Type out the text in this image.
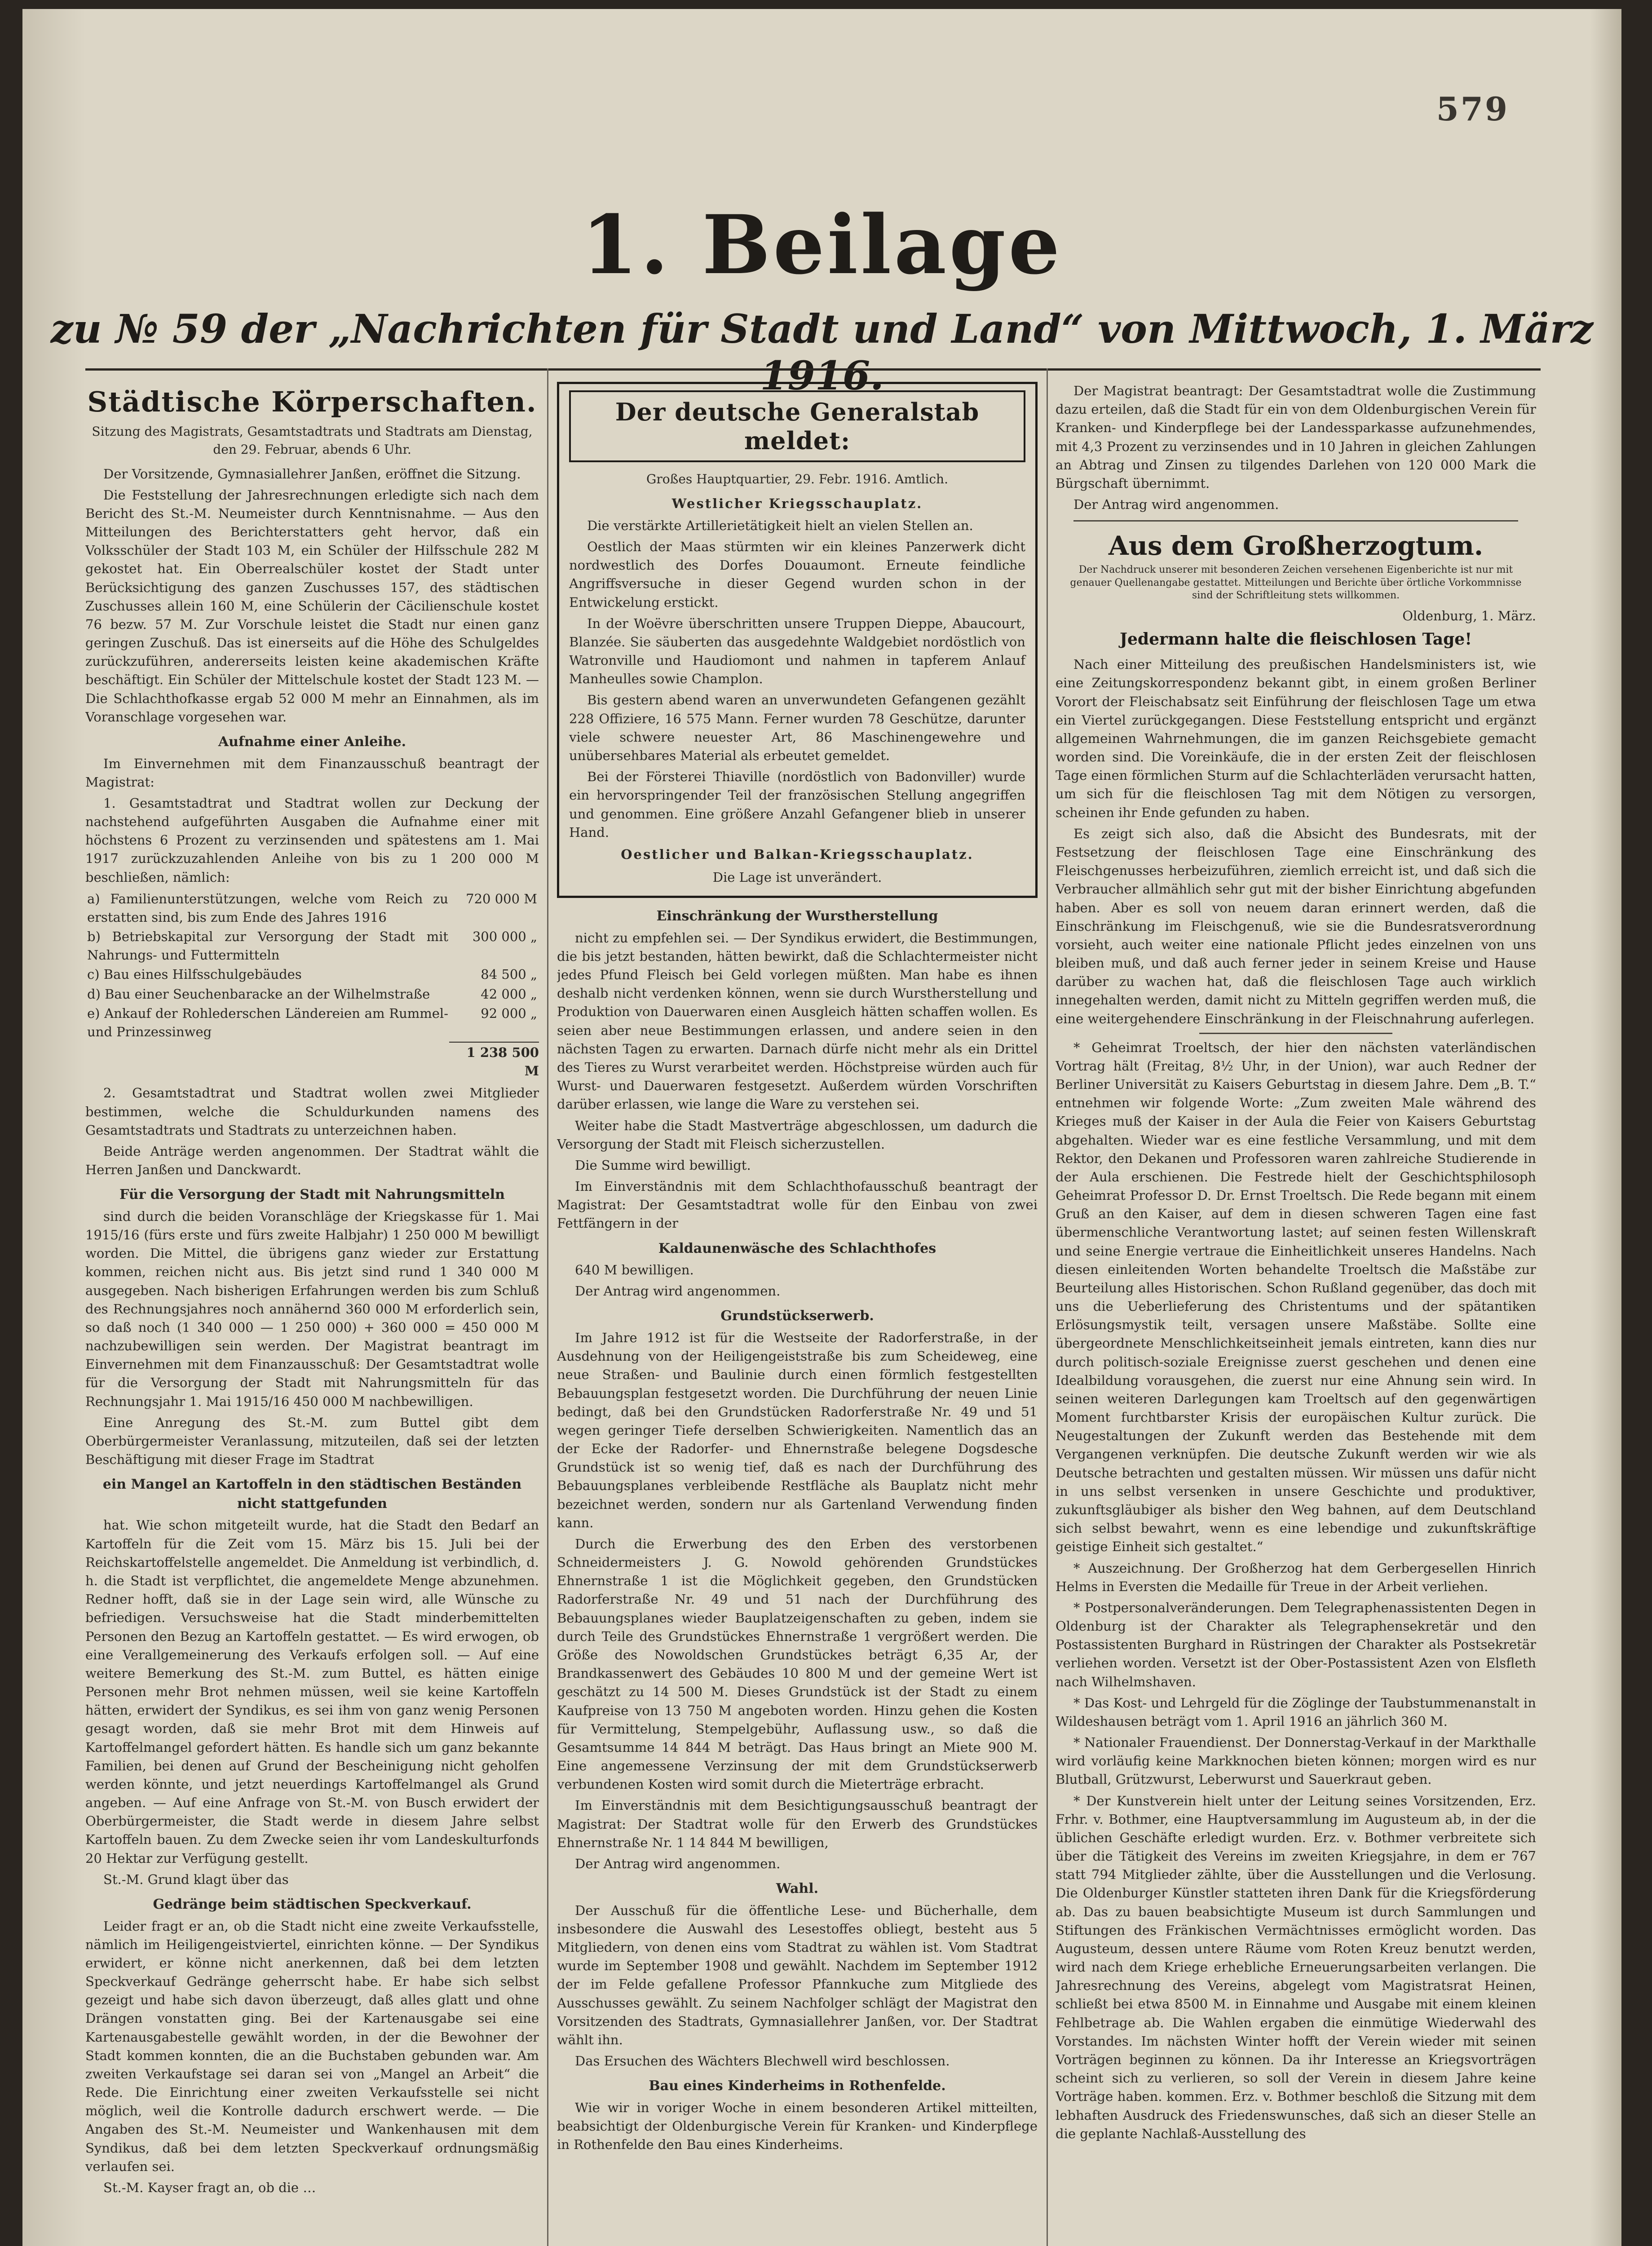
579
1. Beilage
zu № 59 der „Nachrichten für Stadt und Land“ von Mittwoch, 1. März 1916.
Städtische Körperschaften.
Sitzung des Magistrats, Gesamtstadtrats und Stadtrats am Dienstag, den 29. Februar, abends 6 Uhr.

Der Vorsitzende, Gymnasiallehrer Janßen, eröffnet die Sitzung.

Die Feststellung der Jahresrechnungen erledigte sich nach dem Bericht des St.-M. Neumeister durch Kenntnisnahme. — Aus den Mitteilungen des Berichterstatters geht hervor, daß ein Volksschüler der Stadt 103 M, ein Schüler der Hilfsschule 282 M gekostet hat. Ein Oberrealschüler kostet der Stadt unter Berücksichtigung des ganzen Zuschusses 157, des städtischen Zuschusses allein 160 M, eine Schülerin der Cäcilienschule kostet 76 bezw. 57 M. Zur Vorschule leistet die Stadt nur einen ganz geringen Zuschuß. Das ist einerseits auf die Höhe des Schulgeldes zurückzuführen, andererseits leisten keine akademischen Kräfte beschäftigt. Ein Schüler der Mittelschule kostet der Stadt 123 M. — Die Schlachthofkasse ergab 52 000 M mehr an Einnahmen, als im Voranschlage vorgesehen war.

Aufnahme einer Anleihe.

Im Einvernehmen mit dem Finanzausschuß beantragt der Magistrat:

1. Gesamtstadtrat und Stadtrat wollen zur Deckung der nachstehend aufgeführten Ausgaben die Aufnahme einer mit höchstens 6 Prozent zu verzinsenden und spätestens am 1. Mai 1917 zurückzuzahlenden Anleihe von bis zu 1 200 000 M beschließen, nämlich:

a) Familienunterstützungen, welche vom Reich zu erstatten sind, bis zum Ende des Jahres 1916	720 000 M
b) Betriebskapital zur Versorgung der Stadt mit Nahrungs- und Futtermitteln	300 000 „
c) Bau eines Hilfsschulgebäudes	84 500 „
d) Bau einer Seuchenbaracke an der Wilhelmstraße	42 000 „
e) Ankauf der Rohlederschen Ländereien am Rummel- und Prinzessinweg	92 000 „
1 238 500 M

2. Gesamtstadtrat und Stadtrat wollen zwei Mitglieder bestimmen, welche die Schuldurkunden namens des Gesamtstadtrats und Stadtrats zu unterzeichnen haben.

Beide Anträge werden angenommen. Der Stadtrat wählt die Herren Janßen und Danckwardt.

Für die Versorgung der Stadt mit Nahrungsmitteln

sind durch die beiden Voranschläge der Kriegskasse für 1. Mai 1915/16 (fürs erste und fürs zweite Halbjahr) 1 250 000 M bewilligt worden. Die Mittel, die übrigens ganz wieder zur Erstattung kommen, reichen nicht aus. Bis jetzt sind rund 1 340 000 M ausgegeben. Nach bisherigen Erfahrungen werden bis zum Schluß des Rechnungsjahres noch annähernd 360 000 M erforderlich sein, so daß noch (1 340 000 — 1 250 000) + 360 000 = 450 000 M nachzubewilligen sein werden. Der Magistrat beantragt im Einvernehmen mit dem Finanzausschuß: Der Gesamtstadtrat wolle für die Versorgung der Stadt mit Nahrungsmitteln für das Rechnungsjahr 1. Mai 1915/16 450 000 M nachbewilligen.

Eine Anregung des St.-M. zum Buttel gibt dem Oberbürgermeister Veranlassung, mitzuteilen, daß sei der letzten Beschäftigung mit dieser Frage im Stadtrat

ein Mangel an Kartoffeln in den städtischen Beständen nicht stattgefunden

hat. Wie schon mitgeteilt wurde, hat die Stadt den Bedarf an Kartoffeln für die Zeit vom 15. März bis 15. Juli bei der Reichskartoffelstelle angemeldet. Die Anmeldung ist verbindlich, d. h. die Stadt ist verpflichtet, die angemeldete Menge abzunehmen. Redner hofft, daß sie in der Lage sein wird, alle Wünsche zu befriedigen. Versuchsweise hat die Stadt minderbemittelten Personen den Bezug an Kartoffeln gestattet. — Es wird erwogen, ob eine Verallgemeinerung des Verkaufs erfolgen soll. — Auf eine weitere Bemerkung des St.-M. zum Buttel, es hätten einige Personen mehr Brot nehmen müssen, weil sie keine Kartoffeln hätten, erwidert der Syndikus, es sei ihm von ganz wenig Personen gesagt worden, daß sie mehr Brot mit dem Hinweis auf Kartoffelmangel gefordert hätten. Es handle sich um ganz bekannte Familien, bei denen auf Grund der Bescheinigung nicht geholfen werden könnte, und jetzt neuerdings Kartoffelmangel als Grund angeben. — Auf eine Anfrage von St.-M. von Busch erwidert der Oberbürgermeister, die Stadt werde in diesem Jahre selbst Kartoffeln bauen. Zu dem Zwecke seien ihr vom Landeskulturfonds 20 Hektar zur Verfügung gestellt.

St.-M. Grund klagt über das

Gedränge beim städtischen Speckverkauf.

Leider fragt er an, ob die Stadt nicht eine zweite Verkaufsstelle, nämlich im Heiligengeistviertel, einrichten könne. — Der Syndikus erwidert, er könne nicht anerkennen, daß bei dem letzten Speckverkauf Gedränge geherrscht habe. Er habe sich selbst gezeigt und habe sich davon überzeugt, daß alles glatt und ohne Drängen vonstatten ging. Bei der Kartenausgabe sei eine Kartenausgabestelle gewählt worden, in der die Bewohner der Stadt kommen konnten, die an die Buchstaben gebunden war. Am zweiten Verkaufstage sei daran sei von „Mangel an Arbeit“ die Rede. Die Einrichtung einer zweiten Verkaufsstelle sei nicht möglich, weil die Kontrolle dadurch erschwert werde. — Die Angaben des St.-M. Neumeister und Wankenhausen mit dem Syndikus, daß bei dem letzten Speckverkauf ordnungsmäßig verlaufen sei.

St.-M. Kayser fragt an, ob die …

Der deutsche Generalstab meldet:
Großes Hauptquartier, 29. Febr. 1916. Amtlich.
Westlicher Kriegsschauplatz.

Die verstärkte Artillerietätigkeit hielt an vielen Stellen an.

Oestlich der Maas stürmten wir ein kleines Panzerwerk dicht nordwestlich des Dorfes Douaumont. Erneute feindliche Angriffsversuche in dieser Gegend wurden schon in der Entwickelung erstickt.

In der Woëvre überschritten unsere Truppen Dieppe, Abaucourt, Blanzée. Sie säuberten das ausgedehnte Waldgebiet nordöstlich von Watronville und Haudiomont und nahmen in tapferem Anlauf Manheulles sowie Champlon.

Bis gestern abend waren an unverwundeten Gefangenen gezählt 228 Offiziere, 16 575 Mann. Ferner wurden 78 Geschütze, darunter viele schwere neuester Art, 86 Maschinengewehre und unübersehbares Material als erbeutet gemeldet.

Bei der Försterei Thiaville (nordöstlich von Badonviller) wurde ein hervorspringender Teil der französischen Stellung angegriffen und genommen. Eine größere Anzahl Gefangener blieb in unserer Hand.

Oestlicher und Balkan-Kriegsschauplatz.
Die Lage ist unverändert.
Einschränkung der Wurstherstellung

nicht zu empfehlen sei. — Der Syndikus erwidert, die Bestimmungen, die bis jetzt bestanden, hätten bewirkt, daß die Schlachtermeister nicht jedes Pfund Fleisch bei Geld vorlegen müßten. Man habe es ihnen deshalb nicht verdenken können, wenn sie durch Wurstherstellung und Produktion von Dauerwaren einen Ausgleich hätten schaffen wollen. Es seien aber neue Bestimmungen erlassen, und andere seien in den nächsten Tagen zu erwarten. Darnach dürfe nicht mehr als ein Drittel des Tieres zu Wurst verarbeitet werden. Höchstpreise würden auch für Wurst- und Dauerwaren festgesetzt. Außerdem würden Vorschriften darüber erlassen, wie lange die Ware zu verstehen sei.

Weiter habe die Stadt Mastverträge abgeschlossen, um dadurch die Versorgung der Stadt mit Fleisch sicherzustellen.

Die Summe wird bewilligt.

Im Einverständnis mit dem Schlachthofausschuß beantragt der Magistrat: Der Gesamtstadtrat wolle für den Einbau von zwei Fettfängern in der

Kaldaunenwäsche des Schlachthofes

640 M bewilligen.

Der Antrag wird angenommen.

Grundstückserwerb.

Im Jahre 1912 ist für die Westseite der Radorferstraße, in der Ausdehnung von der Heiligengeiststraße bis zum Scheideweg, eine neue Straßen- und Baulinie durch einen förmlich festgestellten Bebauungsplan festgesetzt worden. Die Durchführung der neuen Linie bedingt, daß bei den Grundstücken Radorferstraße Nr. 49 und 51 wegen geringer Tiefe derselben Schwierigkeiten. Namentlich das an der Ecke der Radorfer- und Ehnernstraße belegene Dogsdesche Grundstück ist so wenig tief, daß es nach der Durchführung des Bebauungsplanes verbleibende Restfläche als Bauplatz nicht mehr bezeichnet werden, sondern nur als Gartenland Verwendung finden kann.

Durch die Erwerbung des den Erben des verstorbenen Schneidermeisters J. G. Nowold gehörenden Grundstückes Ehnernstraße 1 ist die Möglichkeit gegeben, den Grundstücken Radorferstraße Nr. 49 und 51 nach der Durchführung des Bebauungsplanes wieder Bauplatzeigenschaften zu geben, indem sie durch Teile des Grundstückes Ehnernstraße 1 vergrößert werden. Die Größe des Nowoldschen Grundstückes beträgt 6,35 Ar, der Brandkassenwert des Gebäudes 10 800 M und der gemeine Wert ist geschätzt zu 14 500 M. Dieses Grundstück ist der Stadt zu einem Kaufpreise von 13 750 M angeboten worden. Hinzu gehen die Kosten für Vermittelung, Stempelgebühr, Auflassung usw., so daß die Gesamtsumme 14 844 M beträgt. Das Haus bringt an Miete 900 M. Eine angemessene Verzinsung der mit dem Grundstückserwerb verbundenen Kosten wird somit durch die Mieterträge erbracht.

Im Einverständnis mit dem Besichtigungsausschuß beantragt der Magistrat: Der Stadtrat wolle für den Erwerb des Grundstückes Ehnernstraße Nr. 1 14 844 M bewilligen,

Der Antrag wird angenommen.

Wahl.

Der Ausschuß für die öffentliche Lese- und Bücherhalle, dem insbesondere die Auswahl des Lesestoffes obliegt, besteht aus 5 Mitgliedern, von denen eins vom Stadtrat zu wählen ist. Vom Stadtrat wurde im September 1908 und gewählt. Nachdem im September 1912 der im Felde gefallene Professor Pfannkuche zum Mitgliede des Ausschusses gewählt. Zu seinem Nachfolger schlägt der Magistrat den Vorsitzenden des Stadtrats, Gymnasiallehrer Janßen, vor. Der Stadtrat wählt ihn.

Das Ersuchen des Wächters Blechwell wird beschlossen.

Bau eines Kinderheims in Rothenfelde.

Wie wir in voriger Woche in einem besonderen Artikel mitteilten, beabsichtigt der Oldenburgische Verein für Kranken- und Kinderpflege in Rothenfelde den Bau eines Kinderheims.

Der Magistrat beantragt: Der Gesamtstadtrat wolle die Zustimmung dazu erteilen, daß die Stadt für ein von dem Oldenburgischen Verein für Kranken- und Kinderpflege bei der Landessparkasse aufzunehmendes, mit 4,3 Prozent zu verzinsendes und in 10 Jahren in gleichen Zahlungen an Abtrag und Zinsen zu tilgendes Darlehen von 120 000 Mark die Bürgschaft übernimmt.

Der Antrag wird angenommen.

Aus dem Großherzogtum.

Der Nachdruck unserer mit besonderen Zeichen versehenen Eigenberichte ist nur mit genauer Quellenangabe gestattet. Mitteilungen und Berichte über örtliche Vorkommnisse sind der Schriftleitung stets willkommen.

Oldenburg, 1. März.
Jedermann halte die fleischlosen Tage!

Nach einer Mitteilung des preußischen Handelsministers ist, wie eine Zeitungskorrespondenz bekannt gibt, in einem großen Berliner Vorort der Fleischabsatz seit Einführung der fleischlosen Tage um etwa ein Viertel zurückgegangen. Diese Feststellung entspricht und ergänzt allgemeinen Wahrnehmungen, die im ganzen Reichsgebiete gemacht worden sind. Die Voreinkäufe, die in der ersten Zeit der fleischlosen Tage einen förmlichen Sturm auf die Schlachterläden verursacht hatten, um sich für die fleischlosen Tag mit dem Nötigen zu versorgen, scheinen ihr Ende gefunden zu haben.

Es zeigt sich also, daß die Absicht des Bundesrats, mit der Festsetzung der fleischlosen Tage eine Einschränkung des Fleischgenusses herbeizuführen, ziemlich erreicht ist, und daß sich die Verbraucher allmählich sehr gut mit der bisher Einrichtung abgefunden haben. Aber es soll von neuem daran erinnert werden, daß die Einschränkung im Fleischgenuß, wie sie die Bundesratsverordnung vorsieht, auch weiter eine nationale Pflicht jedes einzelnen von uns bleiben muß, und daß auch ferner jeder in seinem Kreise und Hause darüber zu wachen hat, daß die fleischlosen Tage auch wirklich innegehalten werden, damit nicht zu Mitteln gegriffen werden muß, die eine weitergehendere Einschränkung in der Fleischnahrung auferlegen.

* Geheimrat Troeltsch, der hier den nächsten vaterländischen Vortrag hält (Freitag, 8½ Uhr, in der Union), war auch Redner der Berliner Universität zu Kaisers Geburtstag in diesem Jahre. Dem „B. T.“ entnehmen wir folgende Worte: „Zum zweiten Male während des Krieges muß der Kaiser in der Aula die Feier von Kaisers Geburtstag abgehalten. Wieder war es eine festliche Versammlung, und mit dem Rektor, den Dekanen und Professoren waren zahlreiche Studierende in der Aula erschienen. Die Festrede hielt der Geschichtsphilosoph Geheimrat Professor D. Dr. Ernst Troeltsch. Die Rede begann mit einem Gruß an den Kaiser, auf dem in diesen schweren Tagen eine fast übermenschliche Verantwortung lastet; auf seinen festen Willenskraft und seine Energie vertraue die Einheitlichkeit unseres Handelns. Nach diesen einleitenden Worten behandelte Troeltsch die Maßstäbe zur Beurteilung alles Historischen. Schon Rußland gegenüber, das doch mit uns die Ueberlieferung des Christentums und der spätantiken Erlösungsmystik teilt, versagen unsere Maßstäbe. Sollte eine übergeordnete Menschlichkeitseinheit jemals eintreten, kann dies nur durch politisch-soziale Ereignisse zuerst geschehen und denen eine Idealbildung vorausgehen, die zuerst nur eine Ahnung sein wird. In seinen weiteren Darlegungen kam Troeltsch auf den gegenwärtigen Moment furchtbarster Krisis der europäischen Kultur zurück. Die Neugestaltungen der Zukunft werden das Bestehende mit dem Vergangenen verknüpfen. Die deutsche Zukunft werden wir wie als Deutsche betrachten und gestalten müssen. Wir müssen uns dafür nicht in uns selbst versenken in unsere Geschichte und produktiver, zukunftsgläubiger als bisher den Weg bahnen, auf dem Deutschland sich selbst bewahrt, wenn es eine lebendige und zukunftskräftige geistige Einheit sich gestaltet.“

* Auszeichnung. Der Großherzog hat dem Gerbergesellen Hinrich Helms in Eversten die Medaille für Treue in der Arbeit verliehen.

* Postpersonalveränderungen. Dem Telegraphenassistenten Degen in Oldenburg ist der Charakter als Telegraphensekretär und den Postassistenten Burghard in Rüstringen der Charakter als Postsekretär verliehen worden. Versetzt ist der Ober-Postassistent Azen von Elsfleth nach Wilhelmshaven.

* Das Kost- und Lehrgeld für die Zöglinge der Taubstummenanstalt in Wildeshausen beträgt vom 1. April 1916 an jährlich 360 M.

* Nationaler Frauendienst. Der Donnerstag-Verkauf in der Markthalle wird vorläufig keine Markknochen bieten können; morgen wird es nur Blutball, Grützwurst, Leberwurst und Sauerkraut geben.

* Der Kunstverein hielt unter der Leitung seines Vorsitzenden, Erz. Frhr. v. Bothmer, eine Hauptversammlung im Augusteum ab, in der die üblichen Geschäfte erledigt wurden. Erz. v. Bothmer verbreitete sich über die Tätigkeit des Vereins im zweiten Kriegsjahre, in dem er 767 statt 794 Mitglieder zählte, über die Ausstellungen und die Verlosung. Die Oldenburger Künstler statteten ihren Dank für die Kriegsförderung ab. Das zu bauen beabsichtigte Museum ist durch Sammlungen und Stiftungen des Fränkischen Vermächtnisses ermöglicht worden. Das Augusteum, dessen untere Räume vom Roten Kreuz benutzt werden, wird nach dem Kriege erhebliche Erneuerungsarbeiten verlangen. Die Jahresrechnung des Vereins, abgelegt vom Magistratsrat Heinen, schließt bei etwa 8500 M. in Einnahme und Ausgabe mit einem kleinen Fehlbetrage ab. Die Wahlen ergaben die einmütige Wiederwahl des Vorstandes. Im nächsten Winter hofft der Verein wieder mit seinen Vorträgen beginnen zu können. Da ihr Interesse an Kriegsvorträgen scheint sich zu verlieren, so soll der Verein in diesem Jahre keine Vorträge haben. kommen. Erz. v. Bothmer beschloß die Sitzung mit dem lebhaften Ausdruck des Friedenswunsches, daß sich an dieser Stelle an die geplante Nachlaß-Ausstellung des
